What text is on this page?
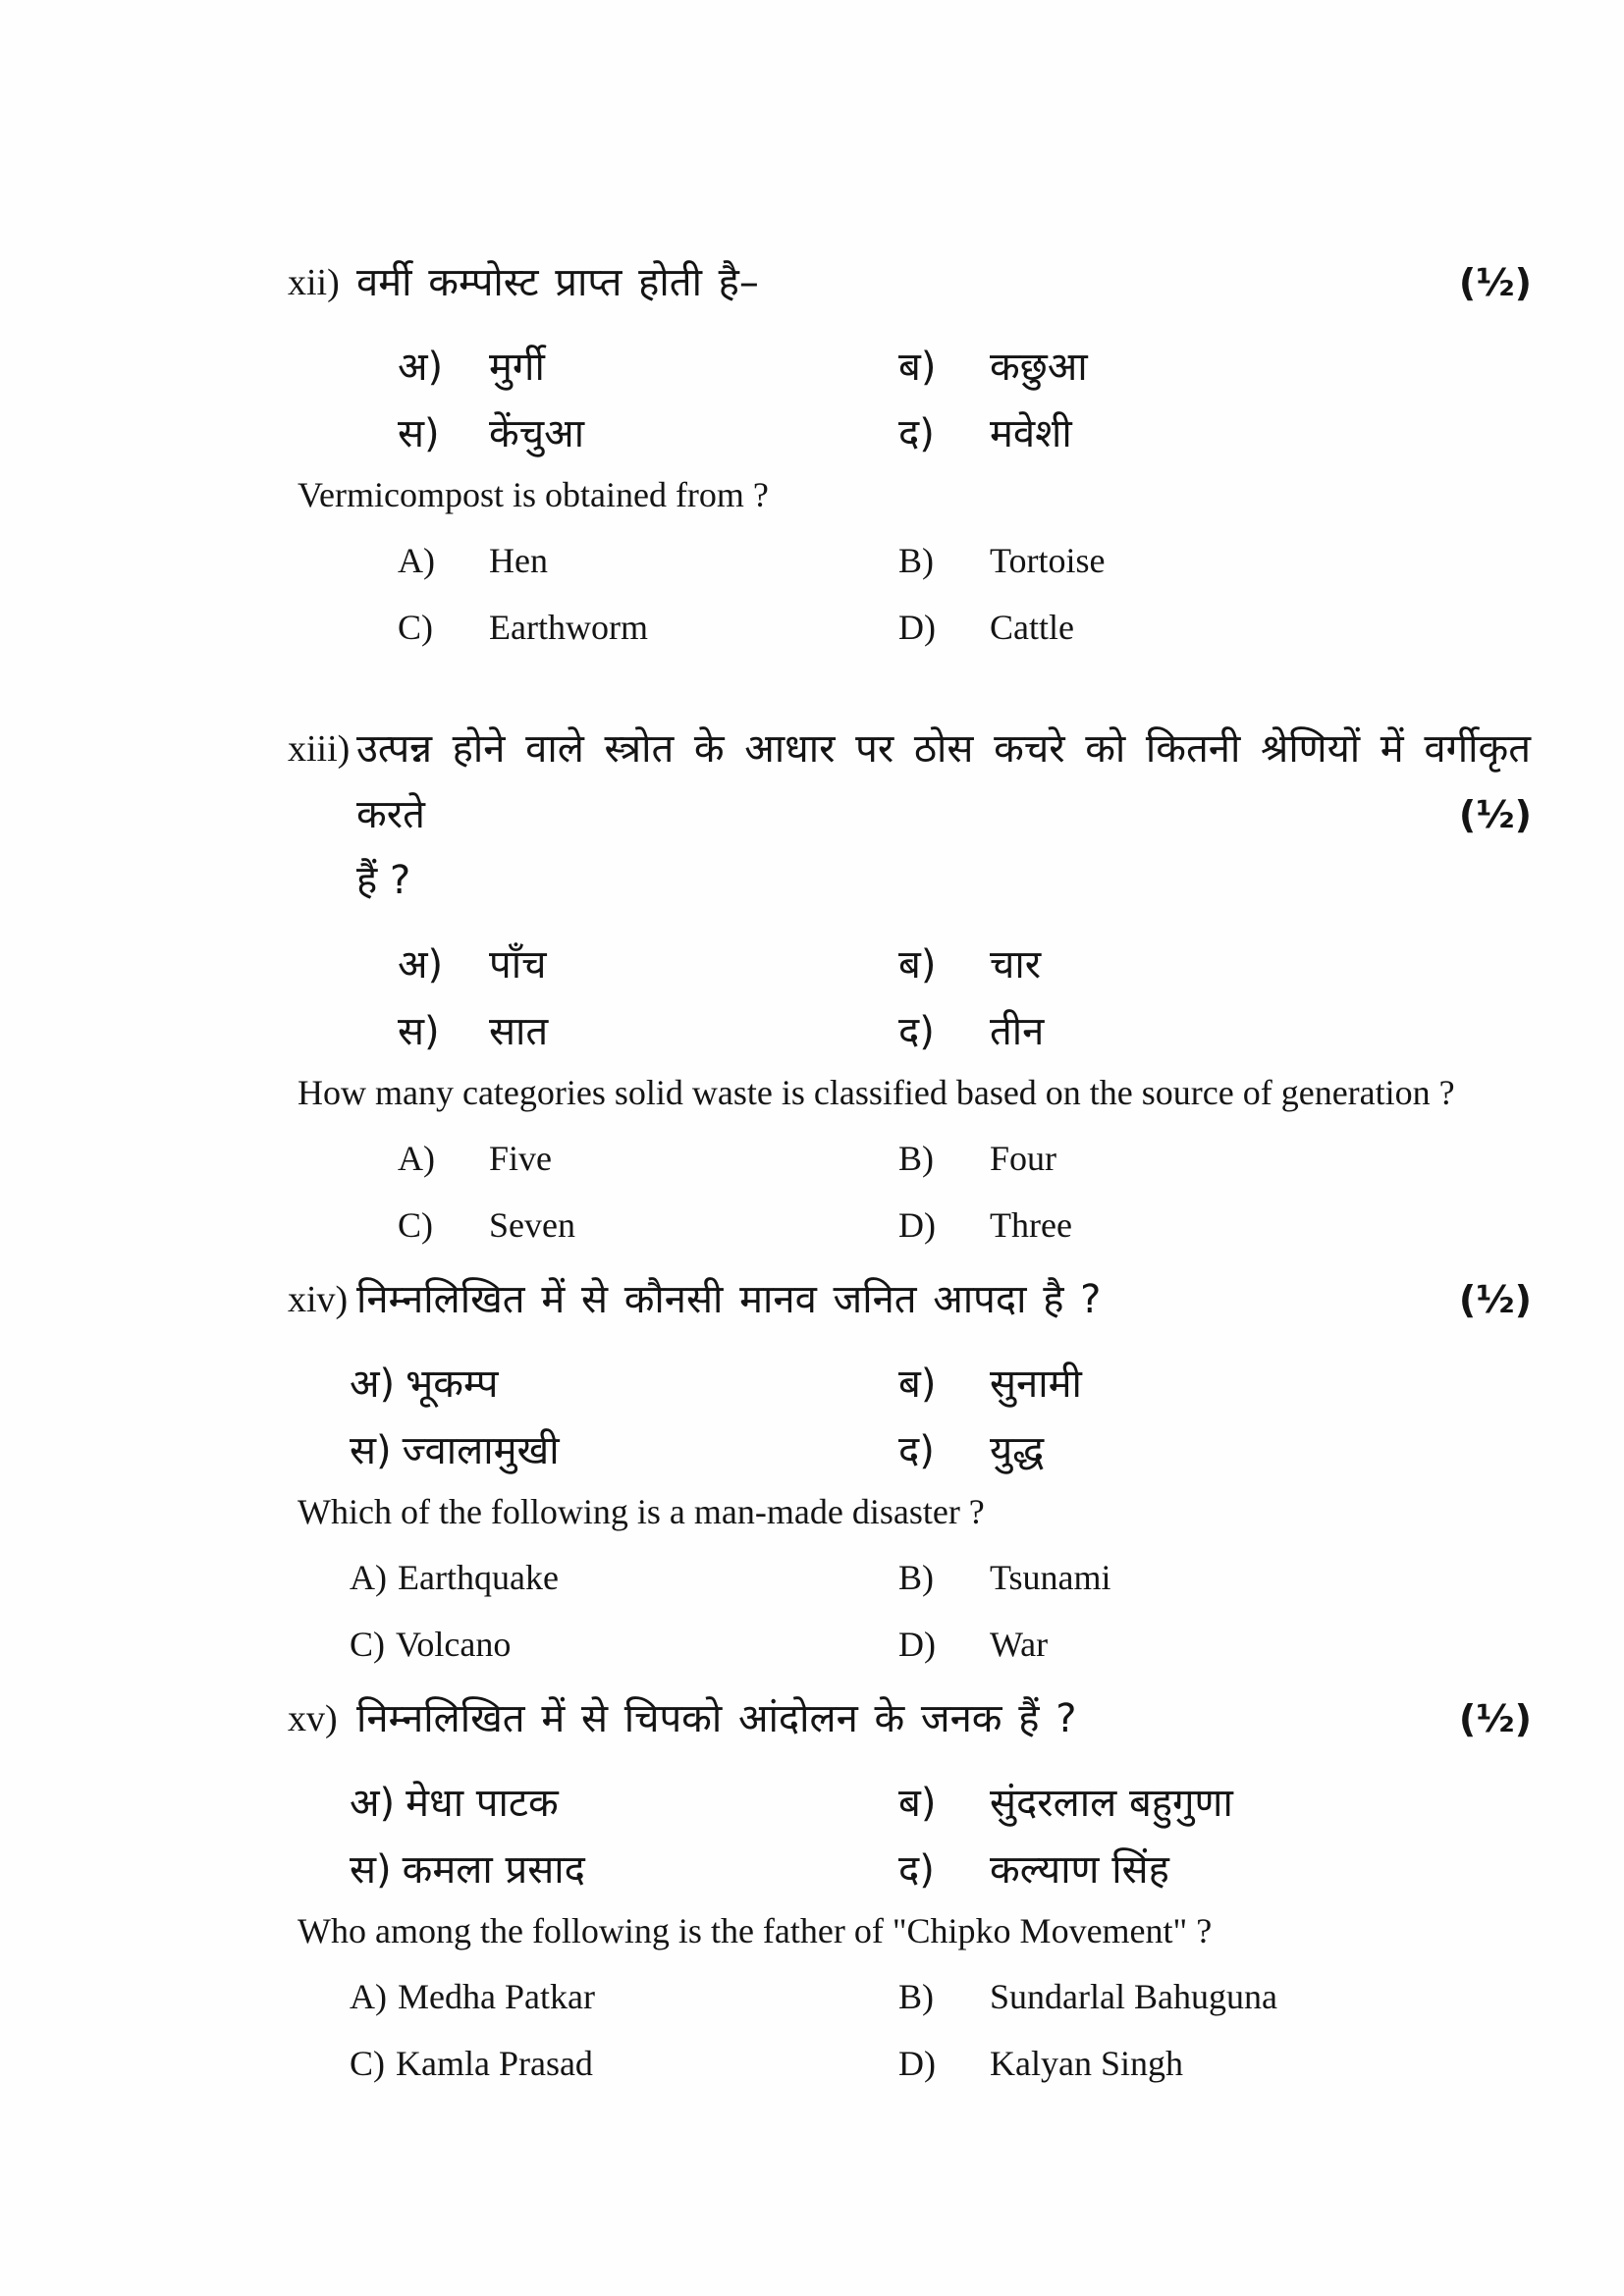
xii) वर्मी कम्पोस्ट प्राप्त होती है–	(½)
अ) मुर्गी	ब) कछुआ
स) केंचुआ	द) मवेशी
Vermicompost is obtained from ?
A) Hen	B) Tortoise
C) Earthworm	D) Cattle
xiii) उत्पन्न होने वाले स्त्रोत के आधार पर ठोस कचरे को कितनी श्रेणियों में वर्गीकृत करते
हैं ?
(½)
अ) पाँच	ब) चार
स) सात	द) तीन
How many categories solid waste is classified based on the source of generation ?
A) Five	B) Four
C) Seven	D) Three
xiv) निम्नलिखित में से कौनसी मानव जनित आपदा है ?	(½)
अ) भूकम्प	ब) सुनामी
स) ज्वालामुखी	द) युद्ध
Which of the following is a man-made disaster ?
A) Earthquake	B) Tsunami
C) Volcano	D) War
xv) निम्नलिखित में से चिपको आंदोलन के जनक हैं ?	(½)
अ) मेधा पाटक	ब) सुंदरलाल बहुगुणा
स) कमला प्रसाद	द) कल्याण सिंह
Who among the following is the father of "Chipko Movement" ?
A) Medha Patkar	B) Sundarlal Bahuguna
C) Kamla Prasad	D) Kalyan Singh
